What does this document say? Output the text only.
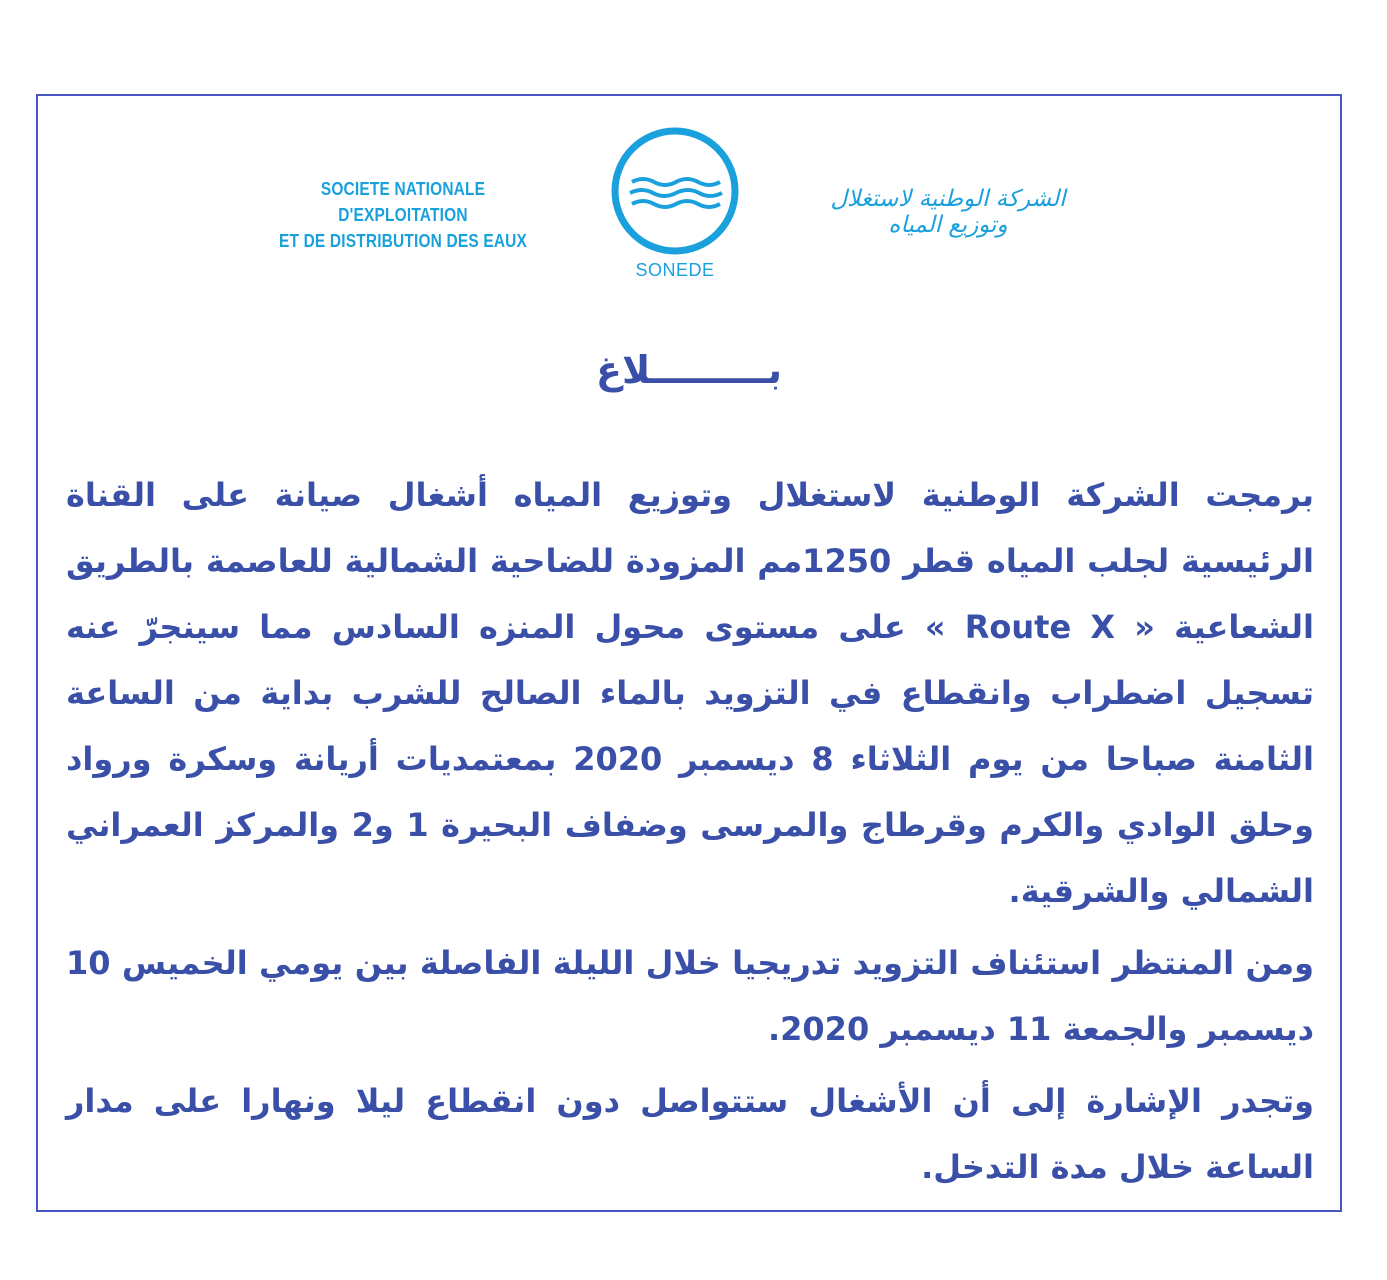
SOCIETE NATIONALE D'EXPLOITATION
ET DE DISTRIBUTION DES EAUX
SONEDE
الشركة الوطنية لاستغلال وتوزيع المياه
بـــــــــلاغ

برمجت الشركة الوطنية لاستغلال وتوزيع المياه أشغال صيانة على القناة الرئيسية لجلب المياه قطر 1250مم المزودة للضاحية الشمالية للعاصمة بالطريق الشعاعية « Route X » على مستوى محول المنزه السادس مما سينجرّ عنه تسجيل اضطراب وانقطاع في التزويد بالماء الصالح للشرب بداية من الساعة الثامنة صباحا من يوم الثلاثاء 8 ديسمبر 2020 بمعتمديات أريانة وسكرة ورواد وحلق الوادي والكرم وقرطاج والمرسى وضفاف البحيرة 1 و2 والمركز العمراني الشمالي والشرقية.

ومن المنتظر استئناف التزويد تدريجيا خلال الليلة الفاصلة بين يومي الخميس 10 ديسمبر والجمعة 11 ديسمبر 2020.

وتجدر الإشارة إلى أن الأشغال ستتواصل دون انقطاع ليلا ونهارا على مدار الساعة خلال مدة التدخل.
